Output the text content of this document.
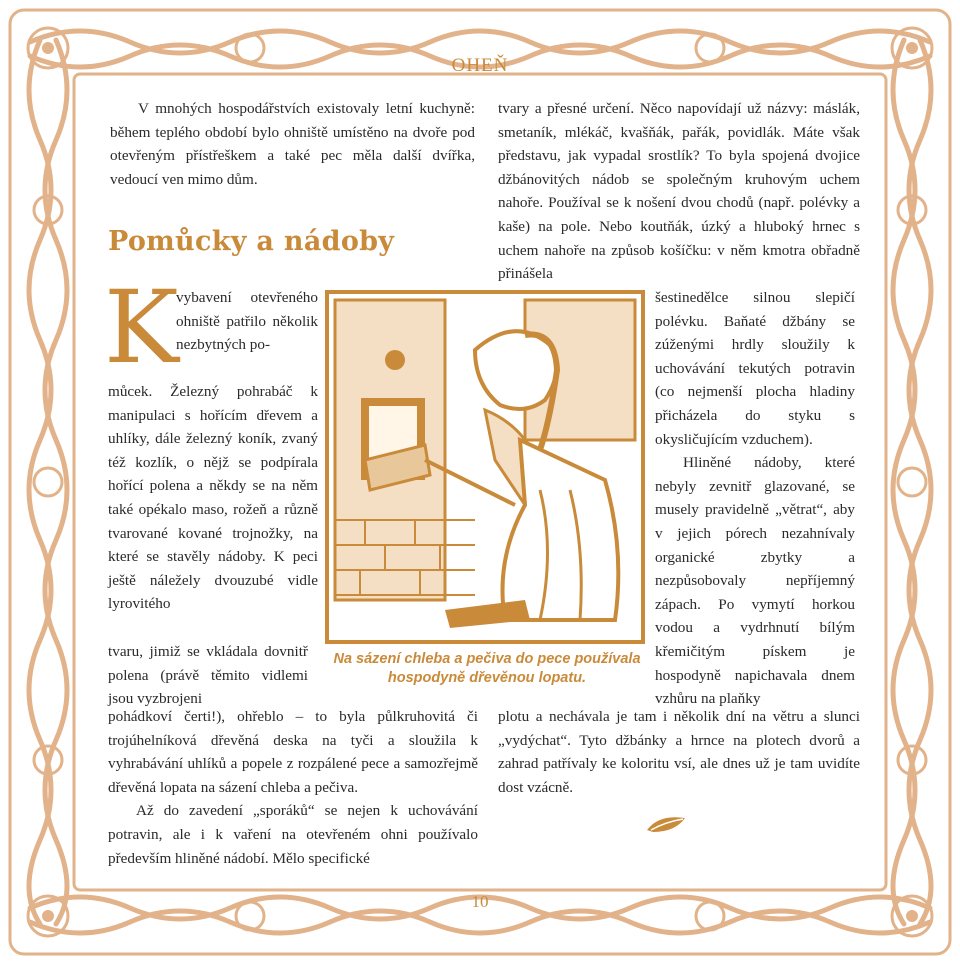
OHEŇ
V mnohých hospodářstvích existovaly letní kuchyně: během teplého období bylo ohniště umístěno na dvoře pod otevřeným přístřeškem a také pec měla další dvířka, vedoucí ven mimo dům.
Pomůcky a nádoby
K
vybavení otevřeného ohniště patřilo několik nezbytných po-
můcek. Železný pohrabáč k manipulaci s hořícím dřevem a uhlíky, dále železný koník, zvaný též kozlík, o nějž se podpírala hořící polena a někdy se na něm také opékalo maso, rožeň a různě tvarované kované trojnožky, na které se stavěly nádoby. K peci ještě náležely dvouzubé vidle lyrovitého
tvaru, jimiž se vkládala dovnitř polena (právě těmito vidlemi jsou vyzbrojeni

pohádkoví čerti!), ohřeblo – to byla půlkruhovitá či trojúhelníková dřevěná deska na tyči a sloužila k vyhrabávání uhlíků a popele z rozpálené pece a samozřejmě dřevěná lopata na sázení chleba a pečiva.

Až do zavedení „sporáků“ se nejen k uchovávání potravin, ale i k vaření na otevřeném ohni používalo především hliněné nádobí. Mělo specifické

tvary a přesné určení. Něco napovídají už názvy: máslák, smetaník, mlékáč, kvašňák, pařák, povidlák. Máte však představu, jak vypadal srostlík? To byla spojená dvojice džbánovitých nádob se společným kruhovým uchem nahoře. Používal se k nošení dvou chodů (např. polévky a kaše) na pole. Nebo koutňák, úzký a hluboký hrnec s uchem nahoře na způsob košíčku: v něm kmotra obřadně přinášela

šestinedělce silnou slepičí polévku. Baňaté džbány se zúženými hrdly sloužily k uchovávání tekutých potravin (co nejmenší plocha hladiny přicházela do styku s okysličujícím vzduchem).

Hliněné nádoby, které nebyly zevnitř glazované, se musely pravidelně „větrat“, aby v jejich pórech nezahnívaly organické zbytky a nezpůsobovaly nepříjemný zápach. Po vymytí horkou vodou a vydrhnutí bílým křemičitým pískem je hospodyně napichavala dnem vzhůru na plaňky

plotu a nechávala je tam i několik dní na větru a slunci „vydýchat“. Tyto džbánky a hrnce na plotech dvorů a zahrad patřívaly ke koloritu vsí, ale dnes už je tam uvidíte dost vzácně.
Na sázení chleba a pečiva do pece používala hospodyně dřevěnou lopatu.
10
